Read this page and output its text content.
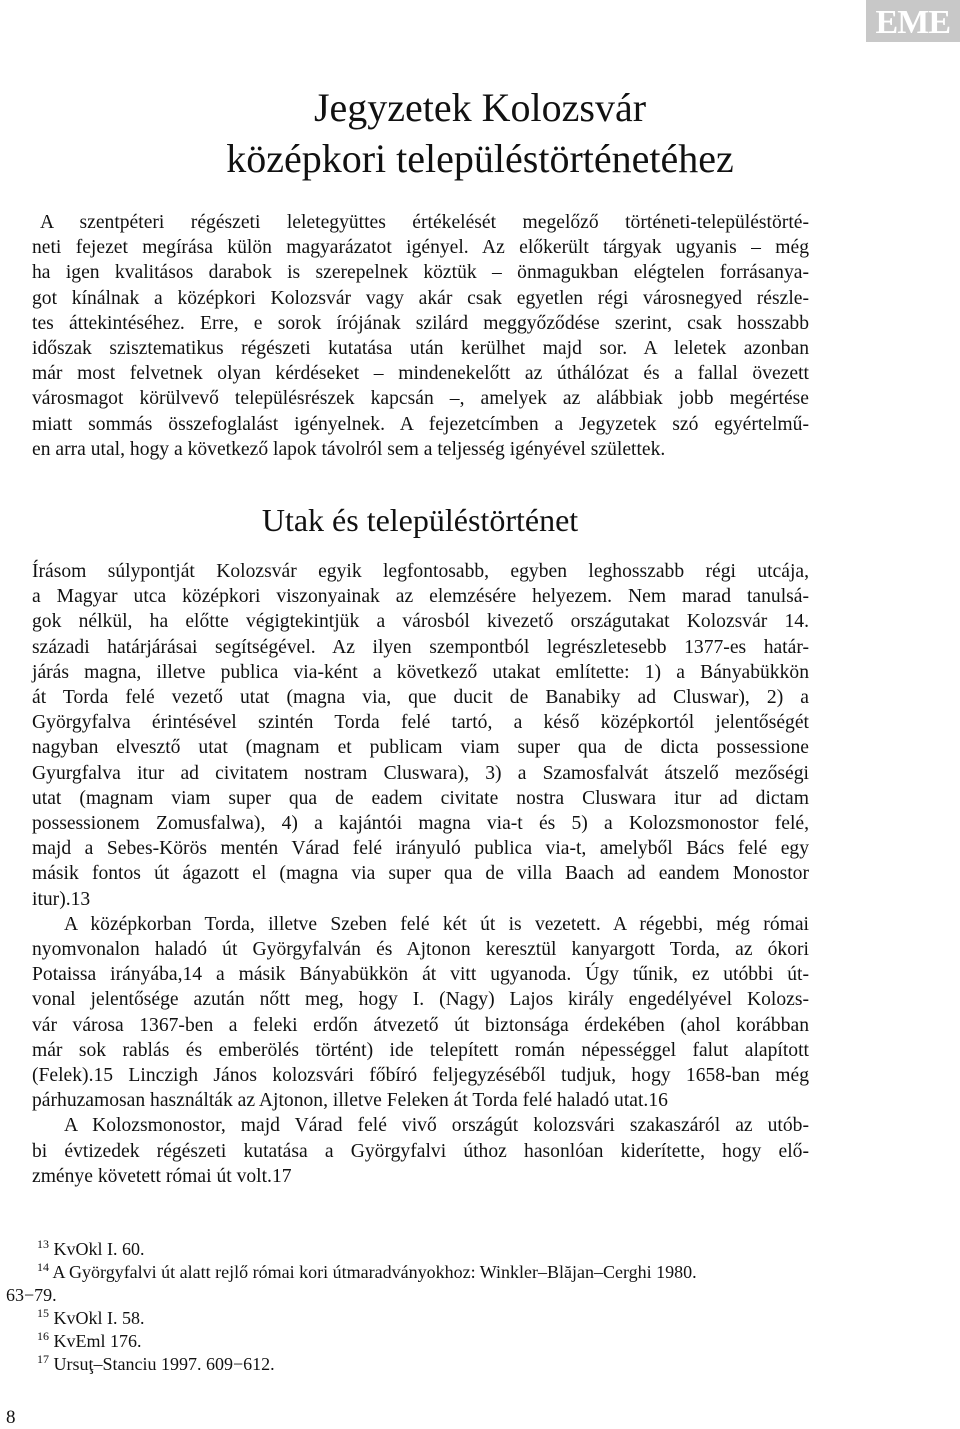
EME
Jegyzetek Kolozsvár
középkori településtörténetéhez
A szentpéteri régészeti leletegyüttes értékelését megelőző történeti-településtörté-
neti fejezet megírása külön magyarázatot igényel. Az előkerült tárgyak ugyanis – még
ha igen kvalitásos darabok is szerepelnek köztük – önmagukban elégtelen forrásanya-
got kínálnak a középkori Kolozsvár vagy akár csak egyetlen régi városnegyed részle-
tes áttekintéséhez. Erre, e sorok írójának szilárd meggyőződése szerint, csak hosszabb
időszak szisztematikus régészeti kutatása után kerülhet majd sor. A leletek azonban
már most felvetnek olyan kérdéseket – mindenekelőtt az úthálózat és a fallal övezett
városmagot körülvevő településrészek kapcsán –, amelyek az alábbiak jobb megértése
miatt sommás összefoglalást igényelnek. A fejezetcímben a Jegyzetek szó egyértelmű-
en arra utal, hogy a következő lapok távolról sem a teljesség igényével születtek.
Utak és településtörténet
Írásom súlypontját Kolozsvár egyik legfontosabb, egyben leghosszabb régi utcája,
a Magyar utca középkori viszonyainak az elemzésére helyezem. Nem marad tanulsá-
gok nélkül, ha előtte végigtekintjük a városból kivezető országutakat Kolozsvár 14.
századi határjárásai segítségével. Az ilyen szempontból legrészletesebb 1377-es határ-
járás magna, illetve publica via-ként a következő utakat említette: 1) a Bányabükkön
át Torda felé vezető utat (magna via, que ducit de Banabiky ad Cluswar), 2) a
Györgyfalva érintésével szintén Torda felé tartó, a késő középkortól jelentőségét
nagyban elvesztő utat (magnam et publicam viam super qua de dicta possessione
Gyurgfalva itur ad civitatem nostram Cluswara), 3) a Szamosfalvát átszelő mezőségi
utat (magnam viam super qua de eadem civitate nostra Cluswara itur ad dictam
possessionem Zomusfalwa), 4) a kajántói magna via-t és 5) a Kolozsmonostor felé,
majd a Sebes-Körös mentén Várad felé irányuló publica via-t, amelyből Bács felé egy
másik fontos út ágazott el (magna via super qua de villa Baach ad eandem Monostor
itur).13
A középkorban Torda, illetve Szeben felé két út is vezetett. A régebbi, még római
nyomvonalon haladó út Györgyfalván és Ajtonon keresztül kanyargott Torda, az ókori
Potaissa irányába,14 a másik Bányabükkön át vitt ugyanoda. Úgy tűnik, ez utóbbi út-
vonal jelentősége azután nőtt meg, hogy I. (Nagy) Lajos király engedélyével Kolozs-
vár városa 1367-ben a feleki erdőn átvezető út biztonsága érdekében (ahol korábban
már sok rablás és emberölés történt) ide telepített román népességgel falut alapított
(Felek).15 Linczigh János kolozsvári főbíró feljegyzéséből tudjuk, hogy 1658-ban még
párhuzamosan használták az Ajtonon, illetve Feleken át Torda felé haladó utat.16
A Kolozsmonostor, majd Várad felé vivő országút kolozsvári szakaszáról az utób-
bi évtizedek régészeti kutatása a Györgyfalvi úthoz hasonlóan kiderítette, hogy elő-
zménye követett római út volt.17
$^{13}$ KvOkl I. 60.
$^{14}$ A Györgyfalvi út alatt rejlő római kori útmaradványokhoz: Winkler–Blăjan–Cerghi 1980.
63−79.
$^{15}$ KvOkl I. 58.
$^{16}$ KvEml 176.
$^{17}$ Ursuţ–Stanciu 1997. 609−612.
8
